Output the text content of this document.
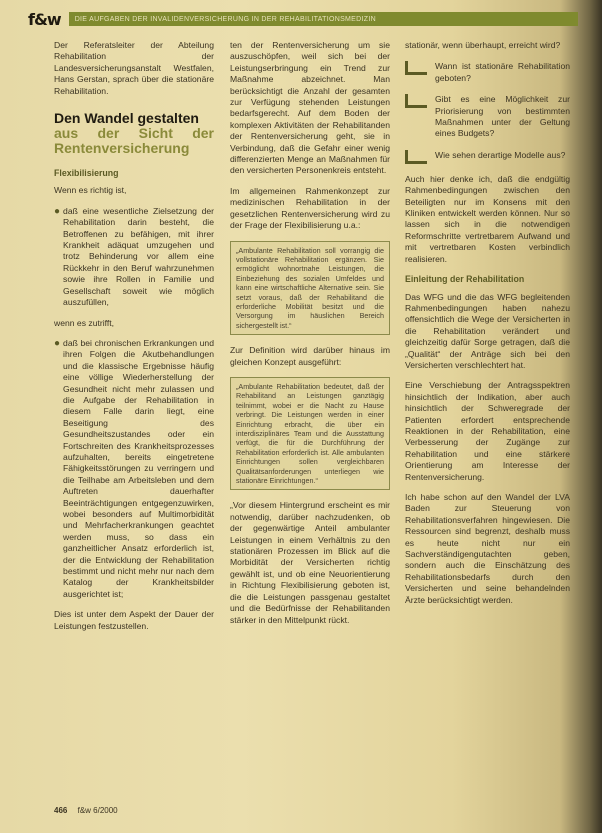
f&w	DIE AUFGABEN DER INVALIDENVERSICHERUNG IN DER REHABILITATIONSMEDIZIN

Der Referatsleiter der Abteilung Rehabilitation der Landesversicherungsanstalt Westfalen, Hans Gerstan, sprach über die stationäre Rehabilitation.

Den Wandel gestalten
aus der Sicht der Rentenversicherung
Flexibilisierung

Wenn es richtig ist,

● daß eine wesentliche Zielsetzung der Rehabilitation darin besteht, die Betroffenen zu befähigen, mit ihrer Krankheit adäquat umzugehen und trotz Behinderung vor allem eine Rückkehr in den Beruf wahrzunehmen sowie ihre Rollen in Familie und Gesellschaft soweit wie möglich auszufüllen,

wenn es zutrifft,

● daß bei chronischen Erkrankungen und ihren Folgen die Akutbehandlungen und die klassische Ergebnisse häufig eine völlige Wiederherstellung der Gesundheit nicht mehr zulassen und die Aufgabe der Rehabilitation in diesem Falle darin liegt, eine Beseitigung des Gesundheitszustandes oder ein Fortschreiten des Krankheitsprozesses aufzuhalten, bereits eingetretene Fähigkeitsstörungen zu verringern und die Teilhabe am Arbeitsleben und dem Auftreten dauerhafter Beeinträchtigungen entgegenzuwirken, wobei besonders auf Multimorbidität und Mehrfacherkrankungen geachtet werden muss, so dass ein ganzheitlicher Ansatz erforderlich ist, der die Entwicklung der Rehabilitation bestimmt und nicht mehr nur nach dem Katalog der Krankheitsbilder ausgerichtet ist;

Dies ist unter dem Aspekt der Dauer der Leistungen festzustellen.

ten der Rentenversicherung um sie auszuschöpfen, weil sich bei der Leistungserbringung ein Trend zur Maßnahme abzeichnet. Man berücksichtigt die Anzahl der gesamten zur Verfügung stehenden Leistungen bedarfsgerecht. Auf dem Boden der komplexen Aktivitäten der Rehabilitanden der Rentenversicherung geht, sie in Verbindung, daß die Gefahr einer wenig differenzierten Menge an Maßnahmen für den versicherten Personenkreis entsteht.

Im allgemeinen Rahmenkonzept zur medizinischen Rehabilitation in der gesetzlichen Rentenversicherung wird zu der Frage der Flexibilisierung u.a.:

„Ambulante Rehabilitation soll vorrangig die vollstationäre Rehabilitation ergänzen. Sie ermöglicht wohnortnahe Leistungen, die Einbeziehung des sozialen Umfeldes und kann eine wirtschaftliche Alternative sein. Sie setzt voraus, daß der Rehabilitand die erforderliche Mobilität besitzt und die Versorgung im häuslichen Bereich sichergestellt ist.“

Zur Definition wird darüber hinaus im gleichen Konzept ausgeführt:

„Ambulante Rehabilitation bedeutet, daß der Rehabilitand an Leistungen ganztägig teilnimmt, wobei er die Nacht zu Hause verbringt. Die Leistungen werden in einer Einrichtung erbracht, die über ein interdisziplinäres Team und die Ausstattung verfügt, die für die Durchführung der Rehabilitation erforderlich ist. Alle ambulanten Einrichtungen sollen vergleichbaren Qualitätsanforderungen unterliegen wie stationäre Einrichtungen.“

„Vor diesem Hintergrund erscheint es mir notwendig, darüber nachzudenken, ob der gegenwärtige Anteil ambulanter Leistungen in einem Verhältnis zu den stationären Prozessen im Blick auf die Morbidität der Versicherten richtig gewählt ist, und ob eine Neuorientierung in Richtung Flexibilisierung geboten ist, die die Leistungen passgenau gestaltet und die Bedürfnisse der Rehabilitanden stärker in den Mittelpunkt rückt.

stationär, wenn überhaupt, erreicht wird?

Wann ist stationäre Rehabilitation geboten?
Gibt es eine Möglichkeit zur Priorisierung von bestimmten Maßnahmen unter der Geltung eines Budgets?
Wie sehen derartige Modelle aus?

Auch hier denke ich, daß die endgültig Rahmenbedingungen zwischen den Beteiligten nur im Konsens mit den Kliniken entwickelt werden können. Nur so lassen sich in die notwendigen Reformschritte vertretbarem Aufwand und mit vertretbaren Kosten verbindlich realisieren.

Einleitung der Rehabilitation

Das WFG und die das WFG begleitenden Rahmenbedingungen haben nahezu offensichtlich die Wege der Versicherten in die Rehabilitation verändert und gleichzeitig dafür Sorge getragen, daß die „Qualität“ der Anträge sich bei den Versicherten verschlechtert hat.

Eine Verschiebung der Antragsspektren hinsichtlich der Indikation, aber auch hinsichtlich der Schweregrade der Patienten erfordert entsprechende Reaktionen in der Rehabilitation, eine Verbesserung der Zugänge zur Rehabilitation und eine stärkere Orientierung am Interesse der Rentenversicherung.

Ich habe schon auf den Wandel der LVA Baden zur Steuerung von Rehabilitationsverfahren hingewiesen. Die Ressourcen sind begrenzt, deshalb muss es heute nicht nur ein Sachverständigengutachten geben, sondern auch die Einschätzung des Rehabilitationsbedarfs durch den Versicherten und seine behandelnden Ärzte berücksichtigt werden.

466 f&w 6/2000
